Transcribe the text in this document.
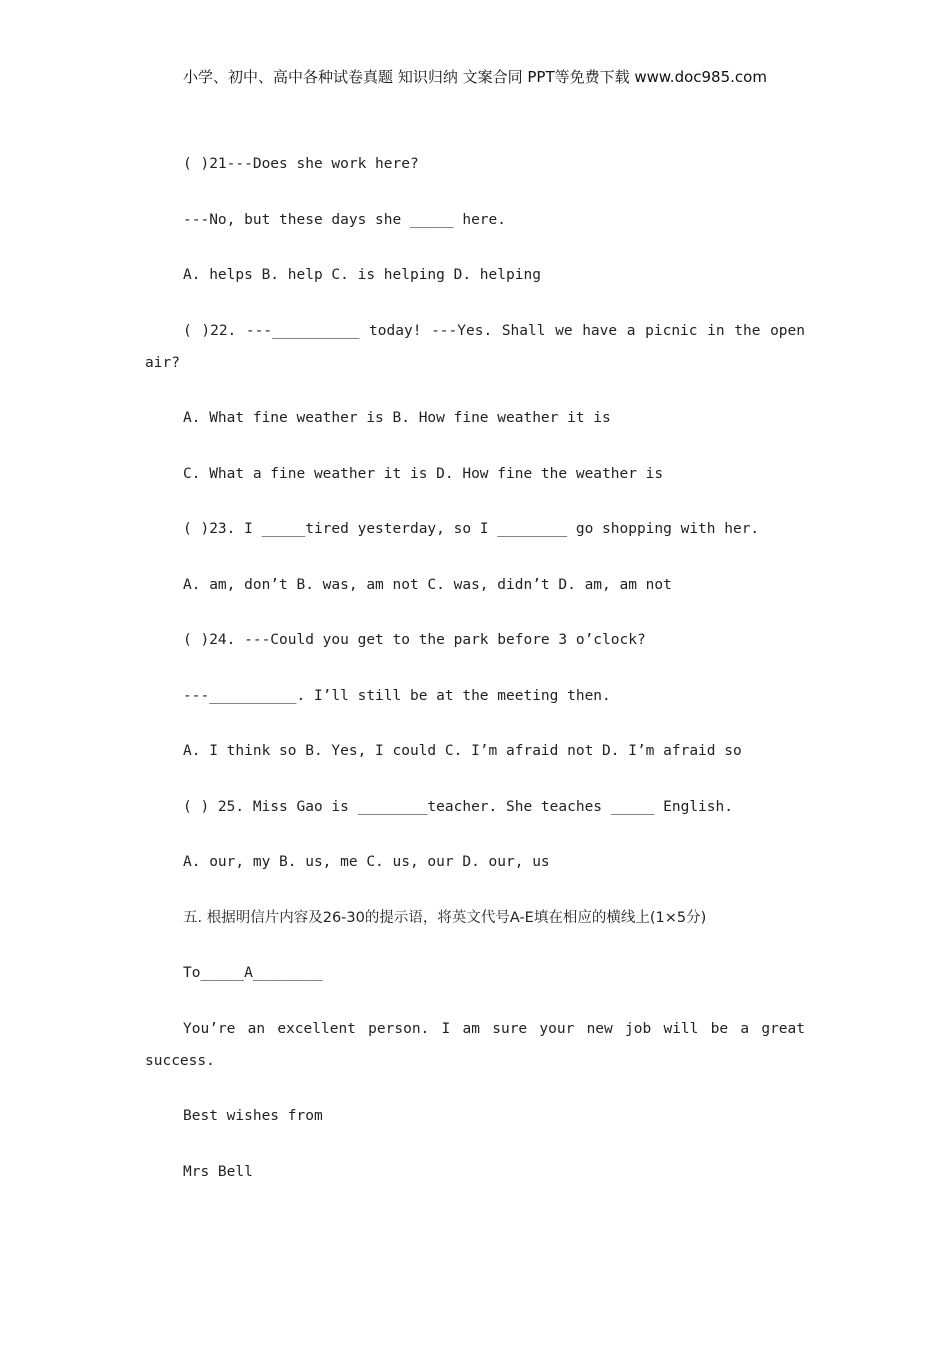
小学、初中、高中各种试卷真题 知识归纳 文案合同 PPT等免费下载 www.doc985.com

( )21---Does she work here?

---No, but these days she _____ here.

A. helps B. help C. is helping D. helping

( )22. ---__________ today! ---Yes. Shall we have a picnic in the open air?

A. What fine weather is B. How fine weather it is

C. What a fine weather it is D. How fine the weather is

( )23. I _____tired yesterday, so I ________ go shopping with her.

A. am, don’t B. was, am not C. was, didn’t D. am, am not

( )24. ---Could you get to the park before 3 o’clock?

---__________. I’ll still be at the meeting then.

A. I think so B. Yes, I could C. I’m afraid not D. I’m afraid so

( ) 25. Miss Gao is ________teacher. She teaches _____ English.

A. our, my B. us, me C. us, our D. our, us

五. 根据明信片内容及26-30的提示语，将英文代号A-E填在相应的横线上(1×5分)

To_____A________

You’re an excellent person. I am sure your new job will be a great success.

Best wishes from

Mrs Bell
